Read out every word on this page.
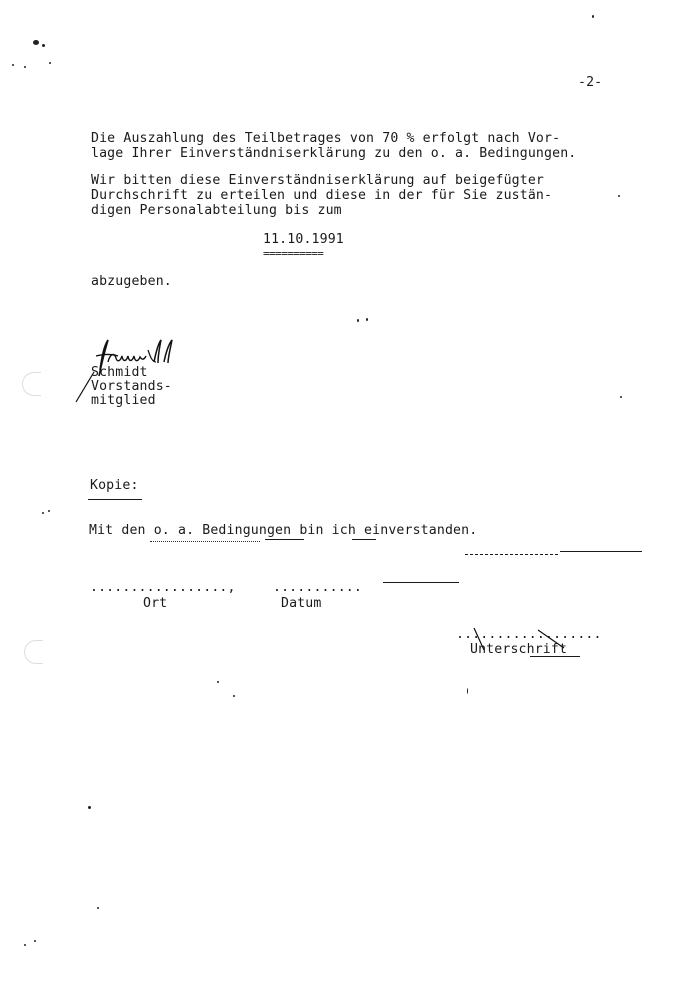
-2-
Die Auszahlung des Teilbetrages von 70 % erfolgt nach Vor-
lage Ihrer Einverständniserklärung zu den o. a. Bedingungen.
Wir bitten diese Einverständniserklärung auf beigefügter
Durchschrift zu erteilen und diese in der für Sie zustän-
digen Personalabteilung bis zum
11.10.1991
==========
abzugeben.
Schmidt
Vorstands-
mitglied
Kopie:
Mit den o. a. Bedingungen bin ich einverstanden.
.................,	...........
Ort	Datum
..................
Unterschrift
